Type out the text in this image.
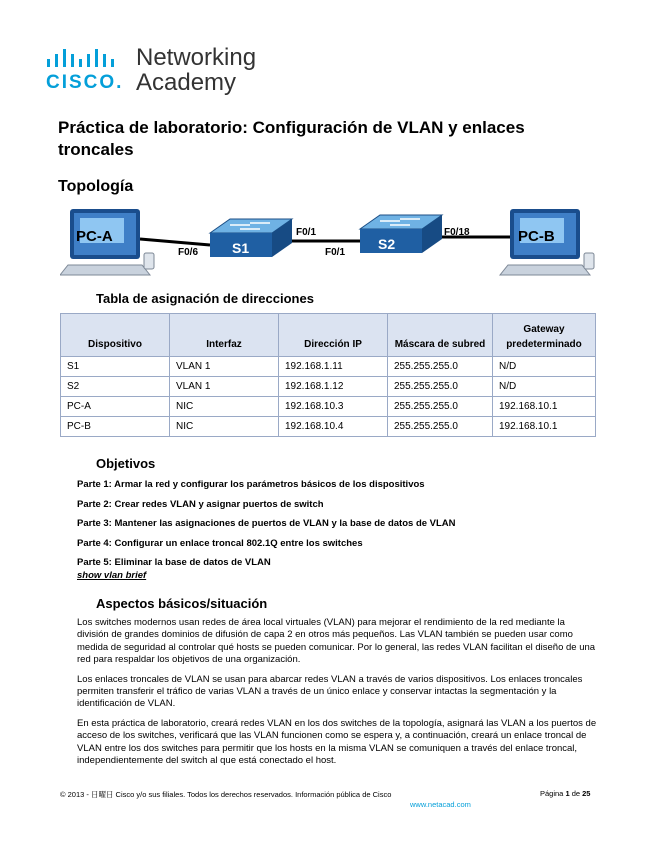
CISCO.
Networking
Academy
Práctica de laboratorio: Configuración de VLAN y enlaces troncales
Topología
PC-A
S1	S2	PC-B
F0/6
F0/1
F0/1
F0/18
Tabla de asignación de direcciones
Dispositivo	Interfaz	Dirección IP	Máscara de subred	Gateway predeterminado
S1	VLAN 1	192.168.1.11	255.255.255.0	N/D
S2	VLAN 1	192.168.1.12	255.255.255.0	N/D
PC-A	NIC	192.168.10.3	255.255.255.0	192.168.10.1
PC-B	NIC	192.168.10.4	255.255.255.0	192.168.10.1
Objetivos
Parte 1: Armar la red y configurar los parámetros básicos de los dispositivos
Parte 2: Crear redes VLAN y asignar puertos de switch
Parte 3: Mantener las asignaciones de puertos de VLAN y la base de datos de VLAN
Parte 4: Configurar un enlace troncal 802.1Q entre los switches
Parte 5: Eliminar la base de datos de VLAN
show vlan brief
Aspectos básicos/situación

Los switches modernos usan redes de área local virtuales (VLAN) para mejorar el rendimiento de la red mediante la división de grandes dominios de difusión de capa 2 en otros más pequeños. Las VLAN también se pueden usar como medida de seguridad al controlar qué hosts se pueden comunicar. Por lo general, las redes VLAN facilitan el diseño de una red para respaldar los objetivos de una organización.

Los enlaces troncales de VLAN se usan para abarcar redes VLAN a través de varios dispositivos. Los enlaces troncales permiten transferir el tráfico de varias VLAN a través de un único enlace y conservar intactas la segmentación y la identificación de VLAN.

En esta práctica de laboratorio, creará redes VLAN en los dos switches de la topología, asignará las VLAN a los puertos de acceso de los switches, verificará que las VLAN funcionen como se espera y, a continuación, creará un enlace troncal de VLAN entre los dos switches para permitir que los hosts en la misma VLAN se comuniquen a través del enlace troncal, independientemente del switch al que está conectado el host.

© 2013 - 日曜日 Cisco y/o sus filiales. Todos los derechos reservados. Información pública de Cisco	Página 1 de 25
www.netacad.com
